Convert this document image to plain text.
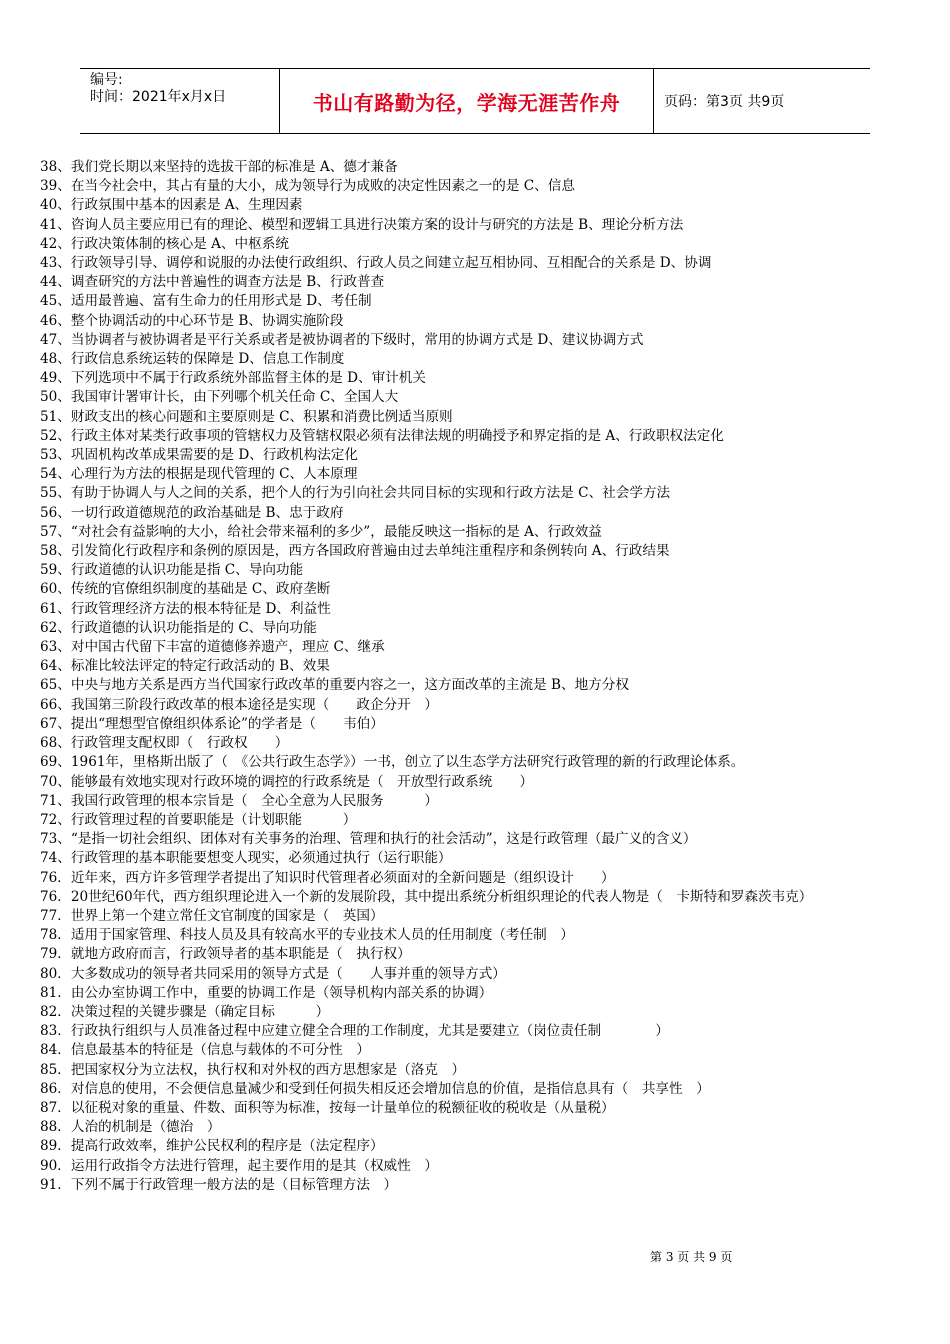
编号:
时间：2021年x月x日	书山有路勤为径，学海无涯苦作舟	页码：第3页 共9页
38、我们党长期以来坚持的选拔干部的标准是 A、德才兼备
39、在当今社会中，其占有量的大小，成为领导行为成败的决定性因素之一的是 C、信息
40、行政氛围中基本的因素是 A、生理因素
41、咨询人员主要应用已有的理论、模型和逻辑工具进行决策方案的设计与研究的方法是 B、理论分析方法
42、行政决策体制的核心是 A、中枢系统
43、行政领导引导、调停和说服的办法使行政组织、行政人员之间建立起互相协同、互相配合的关系是 D、协调
44、调查研究的方法中普遍性的调查方法是 B、行政普查
45、适用最普遍、富有生命力的任用形式是 D、考任制
46、整个协调活动的中心环节是 B、协调实施阶段
47、当协调者与被协调者是平行关系或者是被协调者的下级时，常用的协调方式是 D、建议协调方式
48、行政信息系统运转的保障是 D、信息工作制度
49、下列选项中不属于行政系统外部监督主体的是 D、审计机关
50、我国审计署审计长，由下列哪个机关任命 C、全国人大
51、财政支出的核心问题和主要原则是 C、积累和消费比例适当原则
52、行政主体对某类行政事项的管辖权力及管辖权限必须有法律法规的明确授予和界定指的是 A、行政职权法定化
53、巩固机构改革成果需要的是 D、行政机构法定化
54、心理行为方法的根据是现代管理的 C、人本原理
55、有助于协调人与人之间的关系，把个人的行为引向社会共同目标的实现和行政方法是 C、社会学方法
56、一切行政道德规范的政治基础是 B、忠于政府
57、“对社会有益影响的大小，给社会带来福利的多少”，最能反映这一指标的是 A、行政效益
58、引发简化行政程序和条例的原因是，西方各国政府普遍由过去单纯注重程序和条例转向 A、行政结果
59、行政道德的认识功能是指 C、导向功能
60、传统的官僚组织制度的基础是 C、政府垄断
61、行政管理经济方法的根本特征是 D、利益性
62、行政道德的认识功能指是的 C、导向功能
63、对中国古代留下丰富的道德修养遗产，理应 C、继承
64、标准比较法评定的特定行政活动的 B、效果
65、中央与地方关系是西方当代国家行政改革的重要内容之一，这方面改革的主流是 B、地方分权
66、我国第三阶段行政改革的根本途径是实现（　　政企分开　）
67、提出“理想型官僚组织体系论”的学者是（　　韦伯）
68、行政管理支配权即（　行政权　　）
69、1961年，里格斯出版了（　《公共行政生态学》）一书，创立了以生态学方法研究行政管理的新的行政理论体系。
70、能够最有效地实现对行政环境的调控的行政系统是（　开放型行政系统　　）
71、我国行政管理的根本宗旨是（　全心全意为人民服务　　　）
72、行政管理过程的首要职能是（计划职能　　　）
73、“是指一切社会组织、团体对有关事务的治理、管理和执行的社会活动”，这是行政管理（最广义的含义）
74、行政管理的基本职能要想变人现实，必须通过执行（运行职能）
76．近年来，西方许多管理学者提出了知识时代管理者必须面对的全新问题是（组织设计　　）
76．20世纪60年代，西方组织理论进入一个新的发展阶段，其中提出系统分析组织理论的代表人物是（　卡斯特和罗森茨韦克）
77．世界上第一个建立常任文官制度的国家是（　英国）
78．适用于国家管理、科技人员及具有较高水平的专业技术人员的任用制度（考任制　）
79．就地方政府而言，行政领导者的基本职能是（　执行权）
80．大多数成功的领导者共同采用的领导方式是（　　人事并重的领导方式）
81．由公办室协调工作中，重要的协调工作是（领导机构内部关系的协调）
82．决策过程的关键步骤是（确定目标　　　）
83．行政执行组织与人员准备过程中应建立健全合理的工作制度，尤其是要建立（岗位责任制　　　　）
84．信息最基本的特征是（信息与载体的不可分性　）
85．把国家权分为立法权，执行权和对外权的西方思想家是（洛克　）
86．对信息的使用，不会便信息量减少和受到任何损失相反还会增加信息的价值，是指信息具有（　共享性　）
87．以征税对象的重量、件数、面积等为标准，按每一计量单位的税额征收的税收是（从量税）
88．人治的机制是（德治　）
89．提高行政效率，维护公民权利的程序是（法定程序）
90．运用行政指令方法进行管理，起主要作用的是其（权威性　）
91．下列不属于行政管理一般方法的是（目标管理方法　）
第 3 页 共 9 页
